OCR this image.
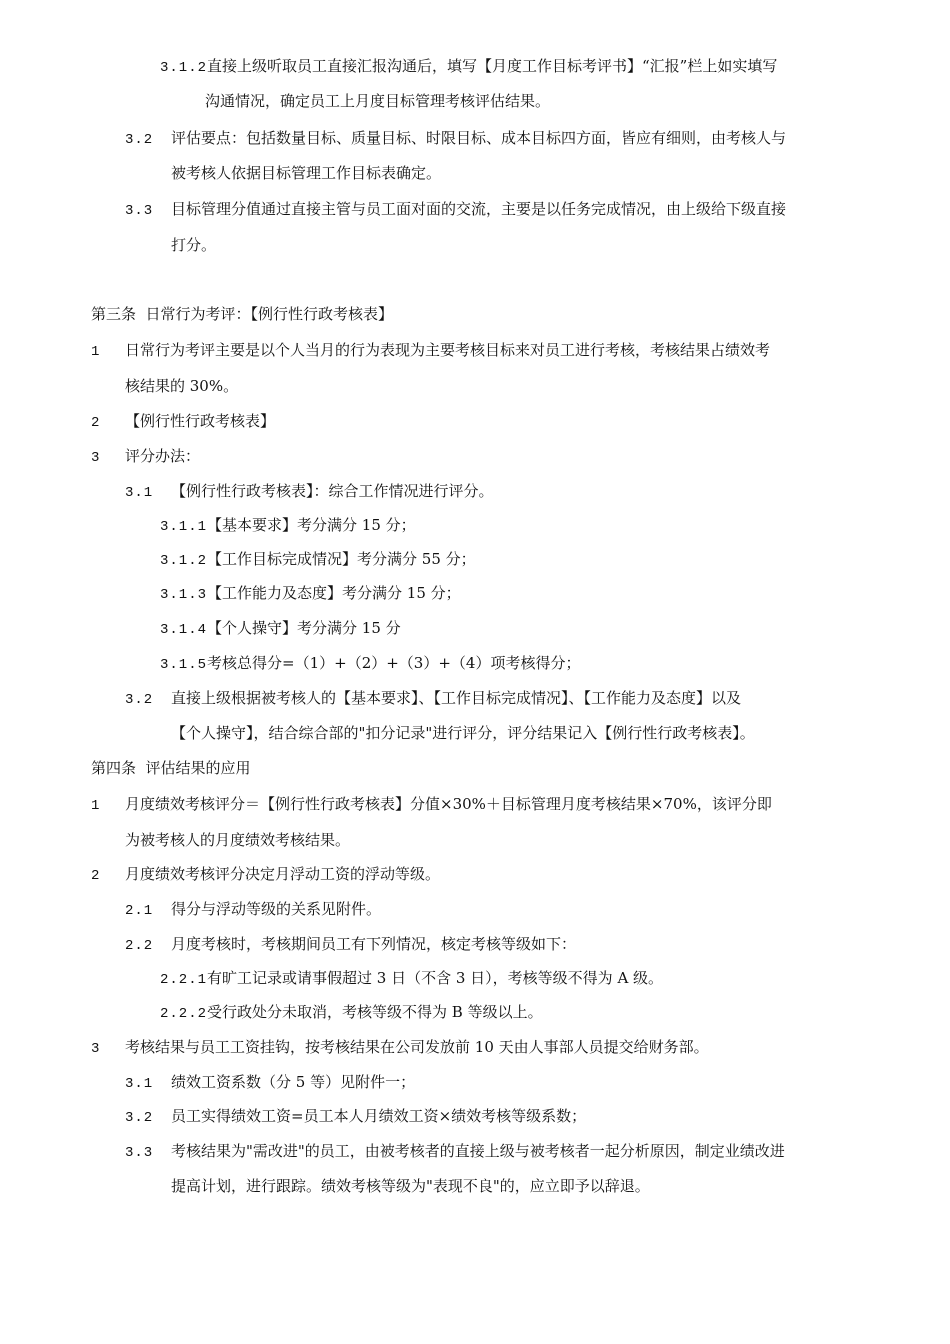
3.1.2直接上级听取员工直接汇报沟通后，填写【月度工作目标考评书】“汇报”栏上如实填写
沟通情况，确定员工上月度目标管理考核评估结果。
3.2 评估要点：包括数量目标、质量目标、时限目标、成本目标四方面，皆应有细则，由考核人与
被考核人依据目标管理工作目标表确定。
3.3 目标管理分值通过直接主管与员工面对面的交流，主要是以任务完成情况，由上级给下级直接
打分。
第三条  日常行为考评：【例行性行政考核表】
1 日常行为考评主要是以个人当月的行为表现为主要考核目标来对员工进行考核，考核结果占绩效考
核结果的 30%。
2 【例行性行政考核表】
3 评分办法：
3.1 【例行性行政考核表】：综合工作情况进行评分。
3.1.1【基本要求】考分满分 15 分；
3.1.2【工作目标完成情况】考分满分 55 分；
3.1.3【工作能力及态度】考分满分 15 分；
3.1.4【个人操守】考分满分 15 分
3.1.5考核总得分=（1）+（2）+（3）+（4）项考核得分；
3.2 直接上级根据被考核人的【基本要求】、【工作目标完成情况】、【工作能力及态度】以及
【个人操守】，结合综合部的"扣分记录"进行评分，评分结果记入【例行性行政考核表】。
第四条  评估结果的应用
1 月度绩效考核评分＝【例行性行政考核表】分值×30%＋目标管理月度考核结果×70%，该评分即
为被考核人的月度绩效考核结果。
2 月度绩效考核评分决定月浮动工资的浮动等级。
2.1 得分与浮动等级的关系见附件。
2.2 月度考核时，考核期间员工有下列情况，核定考核等级如下：
2.2.1有旷工记录或请事假超过 3 日（不含 3 日），考核等级不得为 A 级。
2.2.2受行政处分未取消，考核等级不得为 B 等级以上。
3 考核结果与员工工资挂钩，按考核结果在公司发放前 10 天由人事部人员提交给财务部。
3.1 绩效工资系数（分 5 等）见附件一；
3.2 员工实得绩效工资=员工本人月绩效工资×绩效考核等级系数；
3.3 考核结果为"需改进"的员工，由被考核者的直接上级与被考核者一起分析原因，制定业绩改进
提高计划，进行跟踪。绩效考核等级为"表现不良"的，应立即予以辞退。
